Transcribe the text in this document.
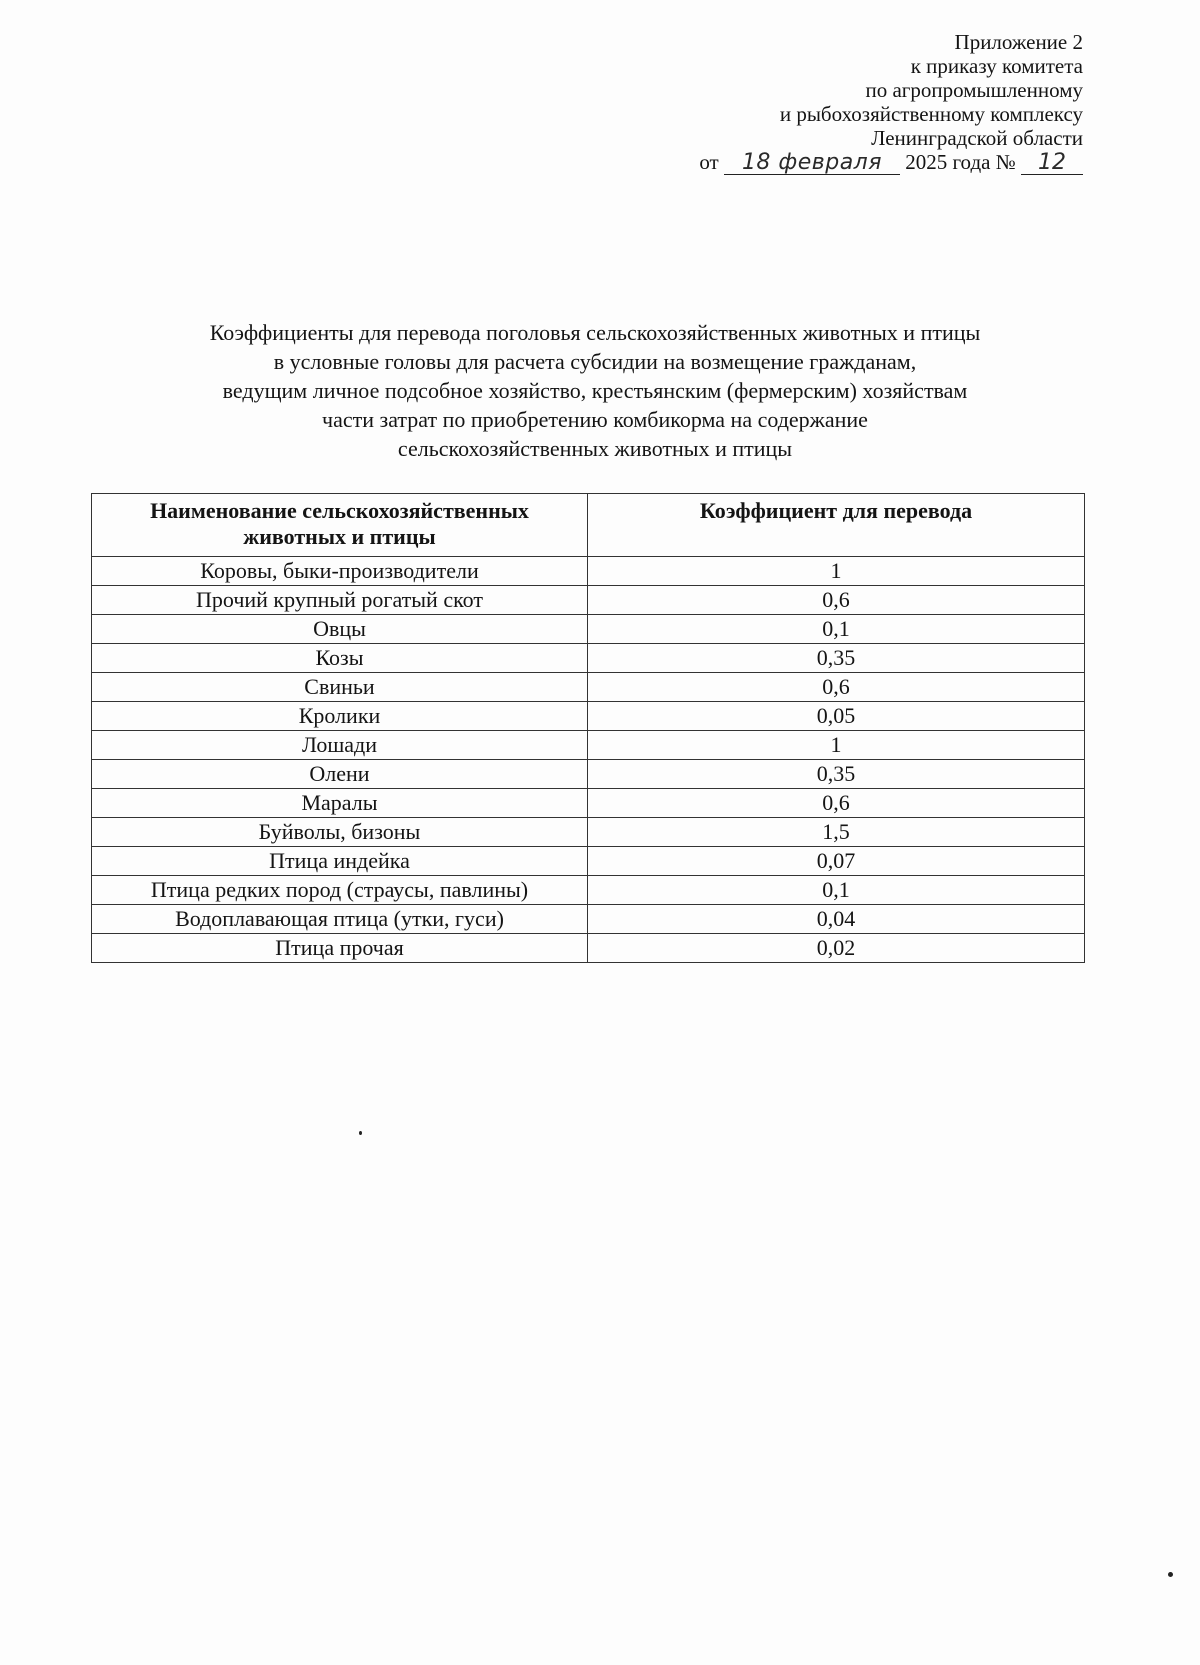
Приложение 2
к приказу комитета
по агропромышленному
и рыбохозяйственному комплексу
Ленинградской области
от 18 февраля 2025 года № 12
Коэффициенты для перевода поголовья сельскохозяйственных животных и птицы
в условные головы для расчета субсидии на возмещение гражданам,
ведущим личное подсобное хозяйство, крестьянским (фермерским) хозяйствам
части затрат по приобретению комбикорма на содержание
сельскохозяйственных животных и птицы
Наименование сельскохозяйственных животных и птицы	Коэффициент для перевода
Коровы, быки-производители	1
Прочий крупный рогатый скот	0,6
Овцы	0,1
Козы	0,35
Свиньи	0,6
Кролики	0,05
Лошади	1
Олени	0,35
Маралы	0,6
Буйволы, бизоны	1,5
Птица индейка	0,07
Птица редких пород (страусы, павлины)	0,1
Водоплавающая птица (утки, гуси)	0,04
Птица прочая	0,02
